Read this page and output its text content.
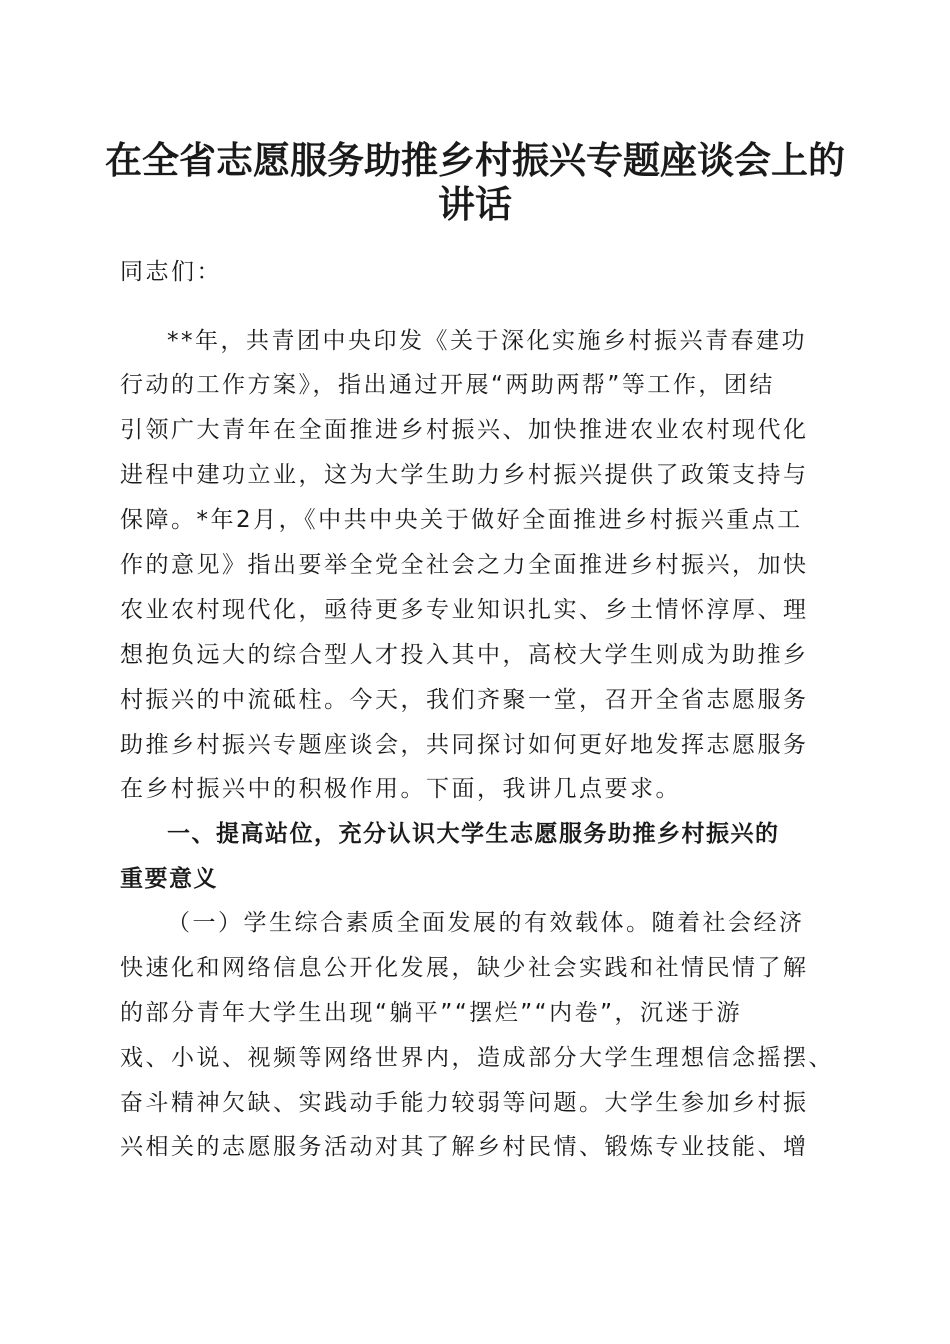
在全省志愿服务助推乡村振兴专题座谈会上的
讲话
同志们：
**年，共青团中央印发《关于深化实施乡村振兴青春建功
行动的工作方案》，指出通过开展“两助两帮”等工作，团结
引领广大青年在全面推进乡村振兴、加快推进农业农村现代化
进程中建功立业，这为大学生助力乡村振兴提供了政策支持与
保障。*年2月，《中共中央关于做好全面推进乡村振兴重点工
作的意见》指出要举全党全社会之力全面推进乡村振兴，加快
农业农村现代化，亟待更多专业知识扎实、乡土情怀淳厚、理
想抱负远大的综合型人才投入其中，高校大学生则成为助推乡
村振兴的中流砥柱。今天，我们齐聚一堂，召开全省志愿服务
助推乡村振兴专题座谈会，共同探讨如何更好地发挥志愿服务
在乡村振兴中的积极作用。下面，我讲几点要求。
一、提高站位，充分认识大学生志愿服务助推乡村振兴的
重要意义
（一）学生综合素质全面发展的有效载体。随着社会经济
快速化和网络信息公开化发展，缺少社会实践和社情民情了解
的部分青年大学生出现“躺平”“摆烂”“内卷”，沉迷于游
戏、小说、视频等网络世界内，造成部分大学生理想信念摇摆、
奋斗精神欠缺、实践动手能力较弱等问题。大学生参加乡村振
兴相关的志愿服务活动对其了解乡村民情、锻炼专业技能、增
